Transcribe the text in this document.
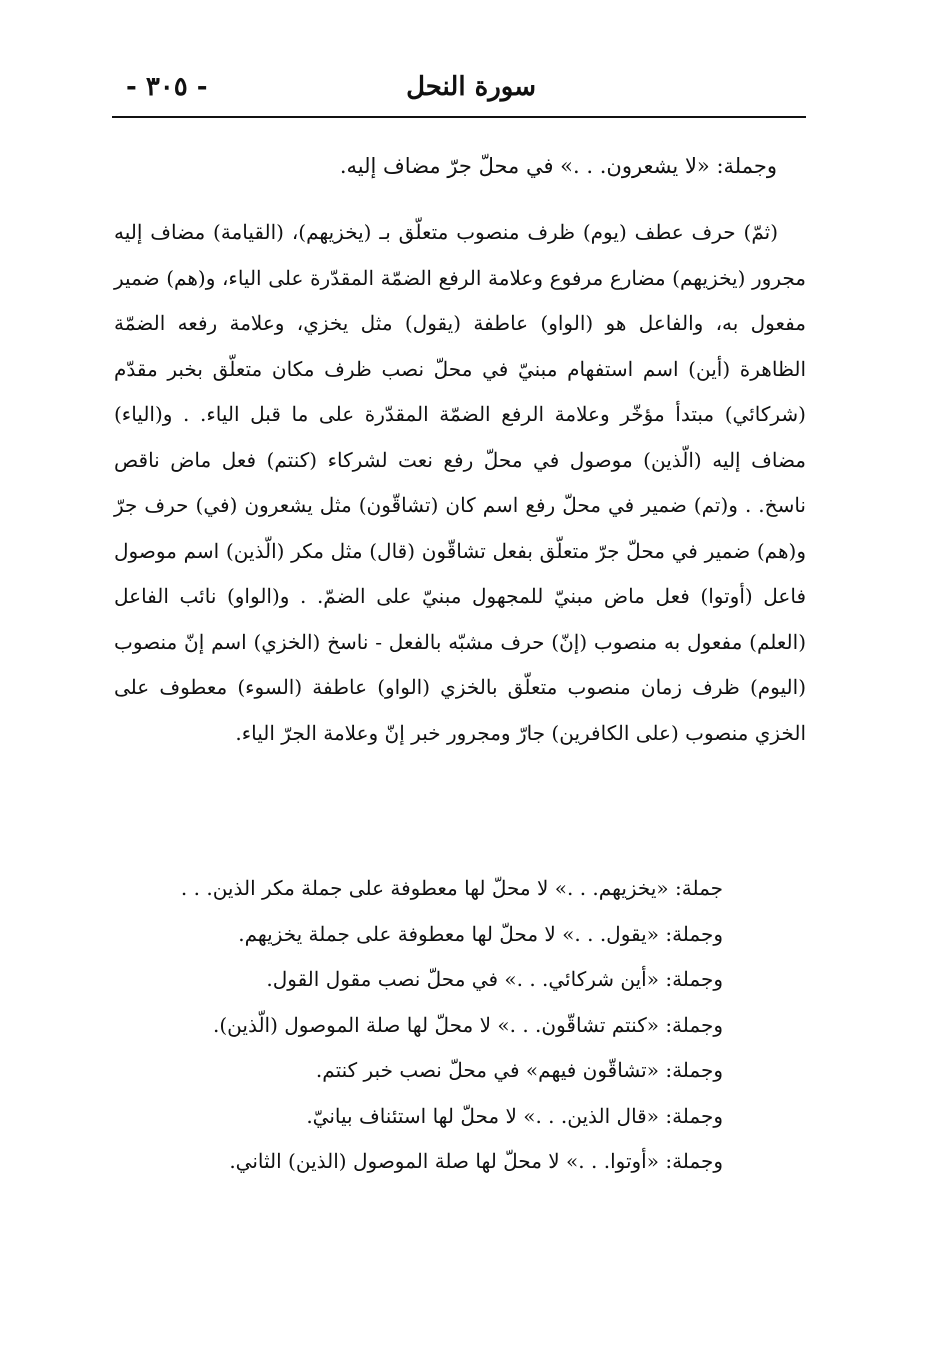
سورة النحل
- ٣٠٥ -
وجملة: «لا يشعرون. . .» في محلّ جرّ مضاف إليه.

(ثمّ) حرف عطف (يوم) ظرف منصوب متعلّق بـ (يخزيهم)، (القيامة) مضاف إليه مجرور (يخزيهم) مضارع مرفوع وعلامة الرفع الضمّة المقدّرة على الياء، و(هم) ضمير مفعول به، والفاعل هو (الواو) عاطفة (يقول) مثل يخزي، وعلامة رفعه الضمّة الظاهرة (أين) اسم استفهام مبنيّ في محلّ نصب ظرف مكان متعلّق بخبر مقدّم (شركائي) مبتدأ مؤخّر وعلامة الرفع الضمّة المقدّرة على ما قبل الياء. . و(الياء) مضاف إليه (الّذين) موصول في محلّ رفع نعت لشركاء (كنتم) فعل ماض ناقص ناسخ. . و(تم) ضمير في محلّ رفع اسم كان (تشاقّون) مثل يشعرون (في) حرف جرّ و(هم) ضمير في محلّ جرّ متعلّق بفعل تشاقّون (قال) مثل مكر (الّذين) اسم موصول فاعل (أوتوا) فعل ماض مبنيّ للمجهول مبنيّ على الضمّ. . و(الواو) نائب الفاعل (العلم) مفعول به منصوب (إنّ) حرف مشبّه بالفعل - ناسخ (الخزي) اسم إنّ منصوب (اليوم) ظرف زمان منصوب متعلّق بالخزي (الواو) عاطفة (السوء) معطوف على الخزي منصوب (على الكافرين) جارّ ومجرور خبر إنّ وعلامة الجرّ الياء.

جملة: «يخزيهم. . .» لا محلّ لها معطوفة على جملة مكر الذين. . .
وجملة: «يقول. . .» لا محلّ لها معطوفة على جملة يخزيهم.
وجملة: «أين شركائي. . .» في محلّ نصب مقول القول.
وجملة: «كنتم تشاقّون. . .» لا محلّ لها صلة الموصول (الّذين).
وجملة: «تشاقّون فيهم» في محلّ نصب خبر كنتم.
وجملة: «قال الذين. . .» لا محلّ لها استئناف بيانيّ.
وجملة: «أوتوا. . .» لا محلّ لها صلة الموصول (الذين) الثاني.
